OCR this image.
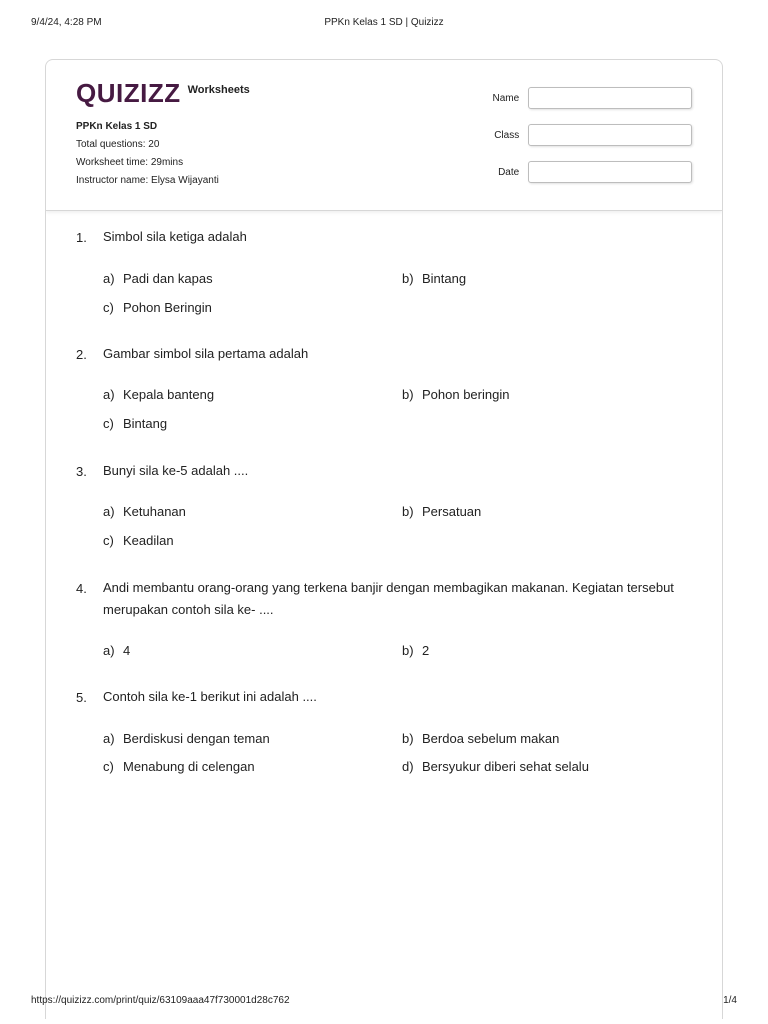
9/4/24, 4:28 PM	PPKn Kelas 1 SD | Quizizz
QUIZIZZ Worksheets
PPKn Kelas 1 SD
Total questions: 20
Worksheet time: 29mins
Instructor name: Elysa Wijayanti
Name
Class
Date
1.	Simbol sila ketiga adalah
a) Padi dan kapas	b) Bintang
c) Pohon Beringin
2.	Gambar simbol sila pertama adalah
a) Kepala banteng	b) Pohon beringin
c) Bintang
3.	Bunyi sila ke-5 adalah ....
a) Ketuhanan	b) Persatuan
c) Keadilan
4.	Andi membantu orang-orang yang terkena banjir dengan membagikan makanan. Kegiatan tersebut merupakan contoh sila ke- ....
a) 4	b) 2
5.	Contoh sila ke-1 berikut ini adalah ....
a) Berdiskusi dengan teman	b) Berdoa sebelum makan
c) Menabung di celengan	d) Bersyukur diberi sehat selalu
https://quizizz.com/print/quiz/63109aaa47f730001d28c762	1/4
